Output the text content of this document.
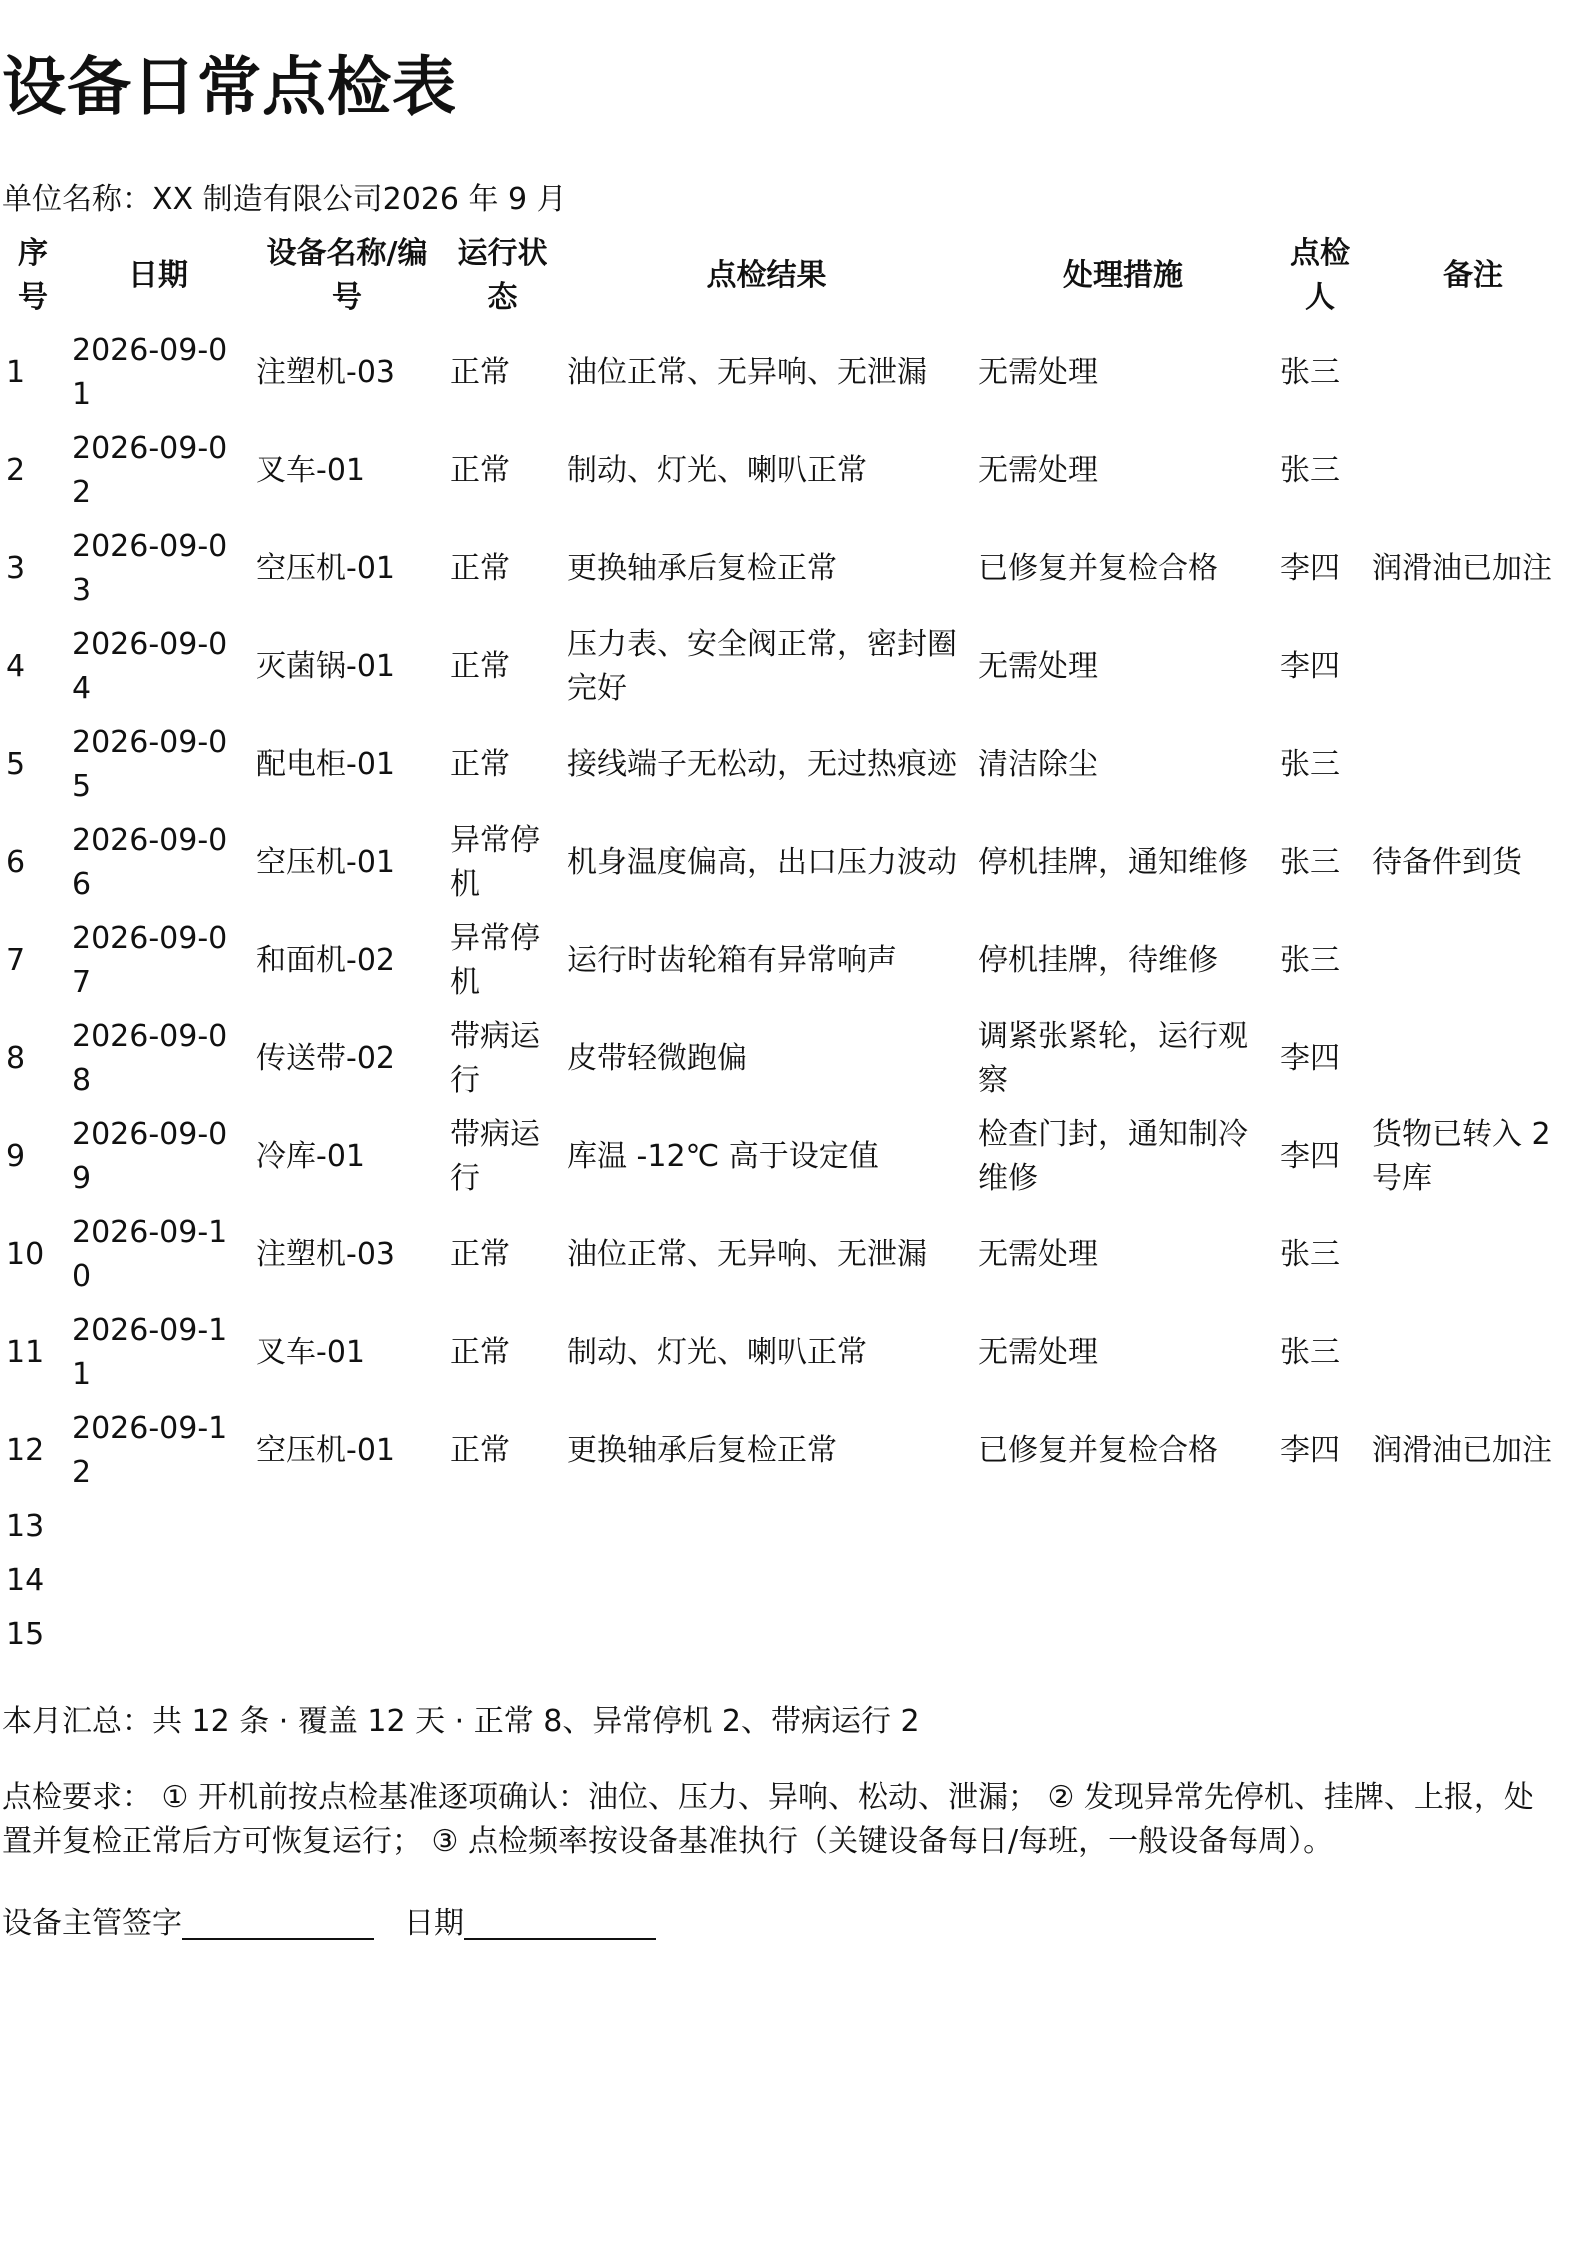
设备日常点检表
单位名称：XX 制造有限公司2026 年 9 月
序号	日期	设备名称/编号	运行状态	点检结果	处理措施	点检人	备注
1	2026-09-01	注塑机-03	正常	油位正常、无异响、无泄漏	无需处理	张三	
2	2026-09-02	叉车-01	正常	制动、灯光、喇叭正常	无需处理	张三	
3	2026-09-03	空压机-01	正常	更换轴承后复检正常	已修复并复检合格	李四	润滑油已加注
4	2026-09-04	灭菌锅-01	正常	压力表、安全阀正常，密封圈完好	无需处理	李四	
5	2026-09-05	配电柜-01	正常	接线端子无松动，无过热痕迹	清洁除尘	张三	
6	2026-09-06	空压机-01	异常停机	机身温度偏高，出口压力波动	停机挂牌，通知维修	张三	待备件到货
7	2026-09-07	和面机-02	异常停机	运行时齿轮箱有异常响声	停机挂牌，待维修	张三	
8	2026-09-08	传送带-02	带病运行	皮带轻微跑偏	调紧张紧轮，运行观察	李四	
9	2026-09-09	冷库-01	带病运行	库温 -12℃ 高于设定值	检查门封，通知制冷维修	李四	货物已转入 2 号库
10	2026-09-10	注塑机-03	正常	油位正常、无异响、无泄漏	无需处理	张三	
11	2026-09-11	叉车-01	正常	制动、灯光、喇叭正常	无需处理	张三	
12	2026-09-12	空压机-01	正常	更换轴承后复检正常	已修复并复检合格	李四	润滑油已加注
13							
14							
15							
本月汇总：共 12 条 · 覆盖 12 天 · 正常 8、异常停机 2、带病运行 2
点检要求： ① 开机前按点检基准逐项确认：油位、压力、异响、松动、泄漏； ② 发现异常先停机、挂牌、上报，处置并复检正常后方可恢复运行； ③ 点检频率按设备基准执行（关键设备每日/每班，一般设备每周）。
设备主管签字	日期
